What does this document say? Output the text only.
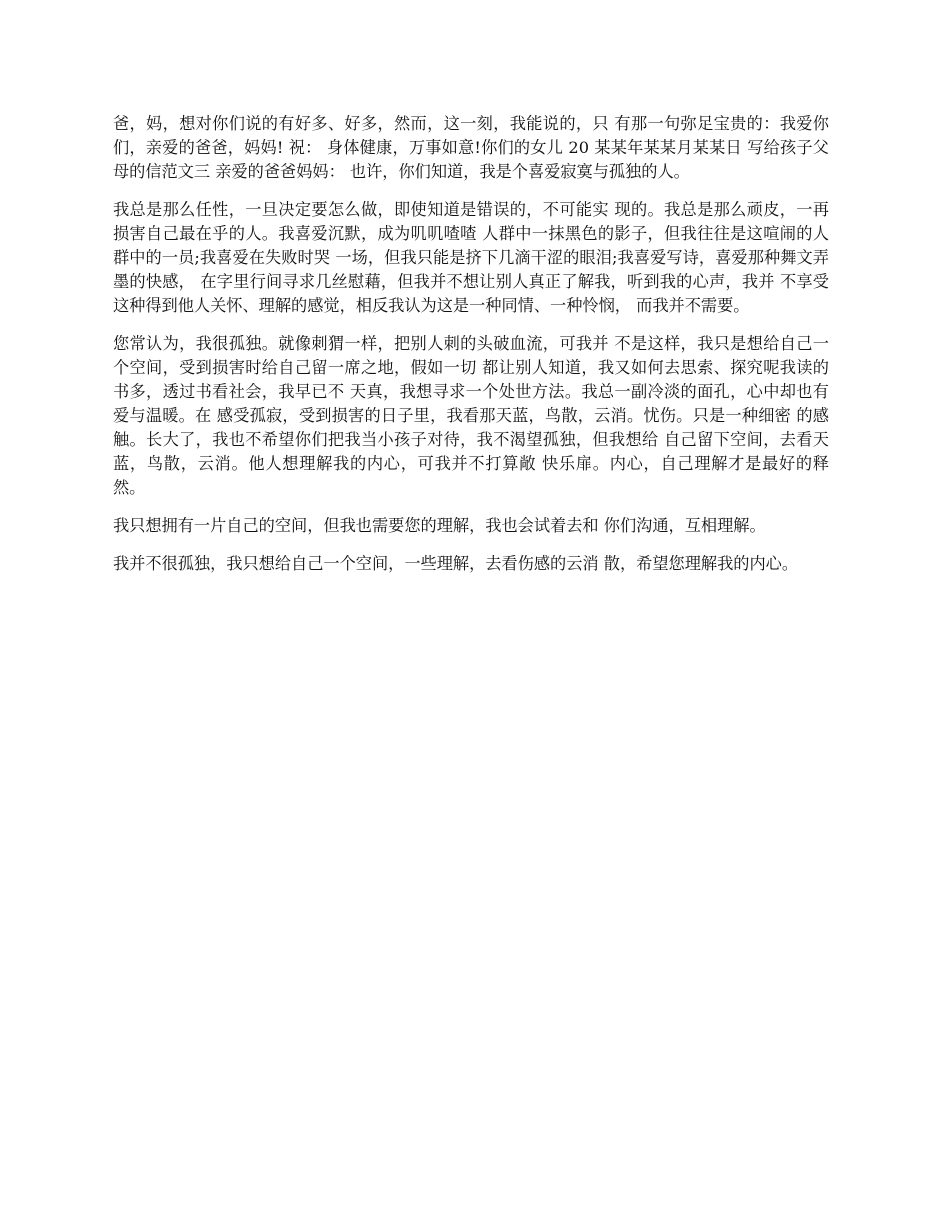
爸，妈，想对你们说的有好多、好多，然而，这一刻，我能说的，只 有那一句弥足宝贵的：我爱你们，亲爱的爸爸，妈妈! 祝： 身体健康，万事如意!你们的女儿 20 某某年某某月某某日 写给孩子父母的信范文三 亲爱的爸爸妈妈： 也许，你们知道，我是个喜爱寂寞与孤独的人。

我总是那么任性，一旦决定要怎么做，即使知道是错误的，不可能实 现的。我总是那么顽皮，一再损害自己最在乎的人。我喜爱沉默，成为叽叽喳喳 人群中一抹黑色的影子，但我往往是这喧闹的人群中的一员;我喜爱在失败时哭 一场，但我只能是挤下几滴干涩的眼泪;我喜爱写诗，喜爱那种舞文弄墨的快感， 在字里行间寻求几丝慰藉，但我并不想让别人真正了解我，听到我的心声，我并 不享受这种得到他人关怀、理解的感觉，相反我认为这是一种同情、一种怜悯， 而我并不需要。

您常认为，我很孤独。就像刺猬一样，把别人刺的头破血流，可我并 不是这样，我只是想给自己一个空间，受到损害时给自己留一席之地，假如一切 都让别人知道，我又如何去思索、探究呢我读的书多，透过书看社会，我早已不 天真，我想寻求一个处世方法。我总一副冷淡的面孔，心中却也有爱与温暖。在 感受孤寂，受到损害的日子里，我看那天蓝，鸟散，云消。忧伤。只是一种细密 的感触。长大了，我也不希望你们把我当小孩子对待，我不渴望孤独，但我想给 自己留下空间，去看天蓝，鸟散，云消。他人想理解我的内心，可我并不打算敞 快乐扉。内心，自己理解才是最好的释然。

我只想拥有一片自己的空间，但我也需要您的理解，我也会试着去和 你们沟通，互相理解。

我并不很孤独，我只想给自己一个空间，一些理解，去看伤感的云消 散，希望您理解我的内心。
